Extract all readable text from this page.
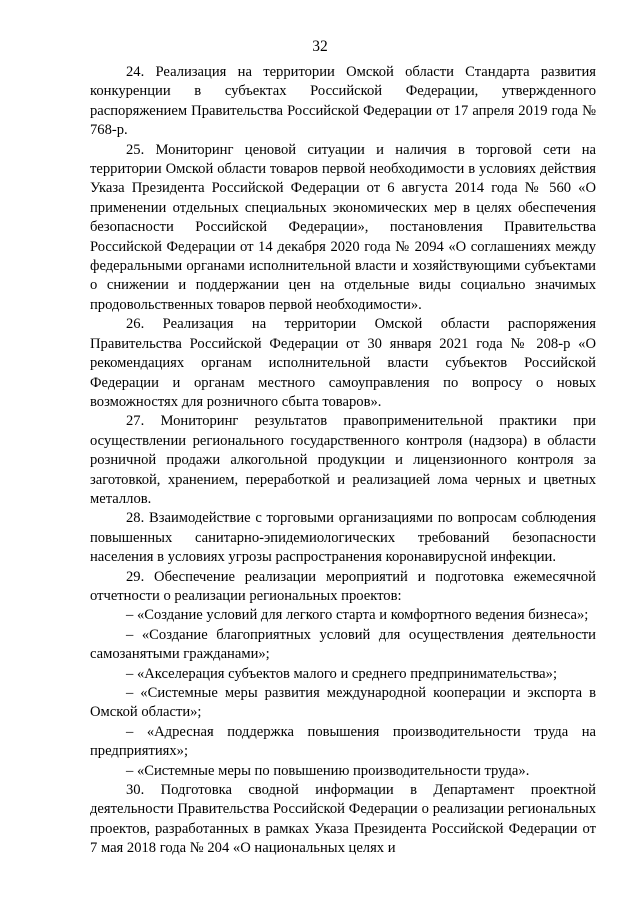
32

24. Реализация на территории Омской области Стандарта развития конкуренции в субъектах Российской Федерации, утвержденного распоряжением Правительства Российской Федерации от 17 апреля 2019 года № 768-р.

25. Мониторинг ценовой ситуации и наличия в торговой сети на территории Омской области товаров первой необходимости в условиях действия Указа Президента Российской Федерации от 6 августа 2014 года № 560 «О применении отдельных специальных экономических мер в целях обеспечения безопасности Российской Федерации», постановления Правительства Российской Федерации от 14 декабря 2020 года № 2094 «О соглашениях между федеральными органами исполнительной власти и хозяйствующими субъектами о снижении и поддержании цен на отдельные виды социально значимых продовольственных товаров первой необходимости».

26. Реализация на территории Омской области распоряжения Правительства Российской Федерации от 30 января 2021 года № 208-р «О рекомендациях органам исполнительной власти субъектов Российской Федерации и органам местного самоуправления по вопросу о новых возможностях для розничного сбыта товаров».

27. Мониторинг результатов правоприменительной практики при осуществлении регионального государственного контроля (надзора) в области розничной продажи алкогольной продукции и лицензионного контроля за заготовкой, хранением, переработкой и реализацией лома черных и цветных металлов.

28. Взаимодействие с торговыми организациями по вопросам соблюдения повышенных санитарно-эпидемиологических требований безопасности населения в условиях угрозы распространения коронавирусной инфекции.

29. Обеспечение реализации мероприятий и подготовка ежемесячной отчетности о реализации региональных проектов:

– «Создание условий для легкого старта и комфортного ведения бизнеса»;

– «Создание благоприятных условий для осуществления деятельности самозанятыми гражданами»;

– «Акселерация субъектов малого и среднего предпринимательства»;

– «Системные меры развития международной кооперации и экспорта в Омской области»;

– «Адресная поддержка повышения производительности труда на предприятиях»;

– «Системные меры по повышению производительности труда».

30. Подготовка сводной информации в Департамент проектной деятельности Правительства Российской Федерации о реализации региональных проектов, разработанных в рамках Указа Президента Российской Федерации от 7 мая 2018 года № 204 «О национальных целях и
